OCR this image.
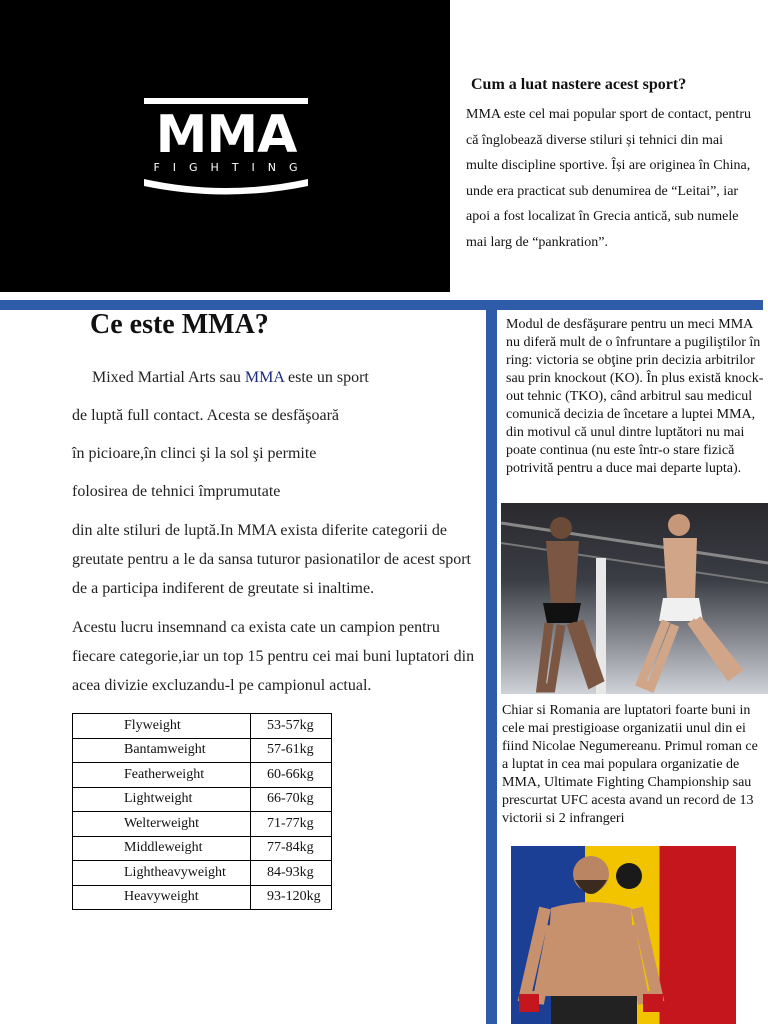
MMA
FIGHTING
Cum a luat nastere acest sport?
MMA este cel mai popular sport de contact, pentru că înglobează diverse stiluri și tehnici din mai multe discipline sportive. Își are originea în China, unde era practicat sub denumirea de “Leitai”, iar apoi a fost localizat în Grecia antică, sub numele mai larg de “pankration”.
Ce este MMA?
Mixed Martial Arts sau MMA este un sport
de luptă full contact. Acesta se desfăşoară
în picioare,în clinci şi la sol şi permite
folosirea de tehnici împrumutate
din alte stiluri de luptă.In MMA exista diferite categorii de greutate pentru a le da sansa tuturor pasionatilor de acest sport de a participa indiferent de greutate si inaltime.
Acestu lucru insemnand ca exista cate un campion pentru fiecare categorie,iar un top 15 pentru cei mai buni luptatori din acea divizie excluzandu-l pe campionul actual.
Flyweight	53-57kg
Bantamweight	57-61kg
Featherweight	60-66kg
Lightweight	66-70kg
Welterweight	71-77kg
Middleweight	77-84kg
Lightheavyweight	84-93kg
Heavyweight	93-120kg
Modul de desfăşurare pentru un meci MMA nu diferă mult de o înfruntare a pugiliştilor în ring: victoria se obţine prin decizia arbitrilor sau prin knockout (KO). În plus există knock-out tehnic (TKO), când arbitrul sau medicul comunică decizia de încetare a luptei MMA, din motivul că unul dintre luptători nu mai poate continua (nu este într-o stare fizică potrivită pentru a duce mai departe lupta).
Chiar si Romania are luptatori foarte buni in cele mai prestigioase organizatii unul din ei fiind Nicolae Negumereanu. Primul roman ce a luptat in cea mai populara organizatie de MMA, Ultimate Fighting Championship sau prescurtat UFC acesta avand un record de 13 victorii si 2 infrangeri
